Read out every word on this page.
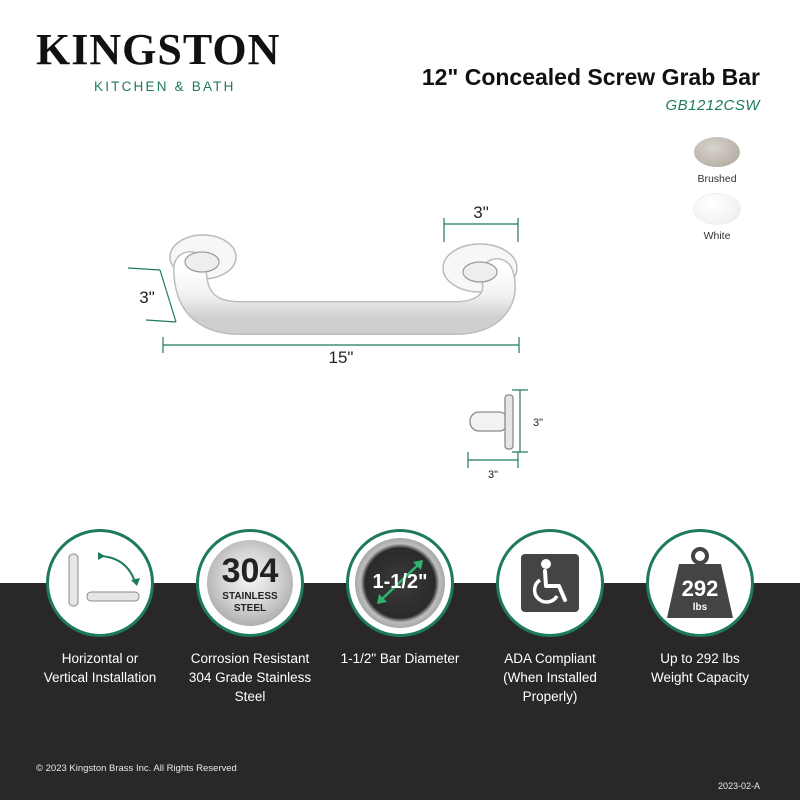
KINGSTON
KITCHEN & BATH	12" Concealed Screw Grab Bar
GB1212CSW
Brushed
White
3"
15"
3"
3"
3"
Horizontal or
Vertical Installation
304
STAINLESS
STEEL
Corrosion Resistant
304 Grade Stainless
Steel
1-1/2"
1-1/2" Bar Diameter	ADA Compliant
(When Installed
Properly)
292
lbs
Up to 292 lbs
Weight Capacity
© 2023 Kingston Brass Inc. All Rights Reserved
2023-02-A
